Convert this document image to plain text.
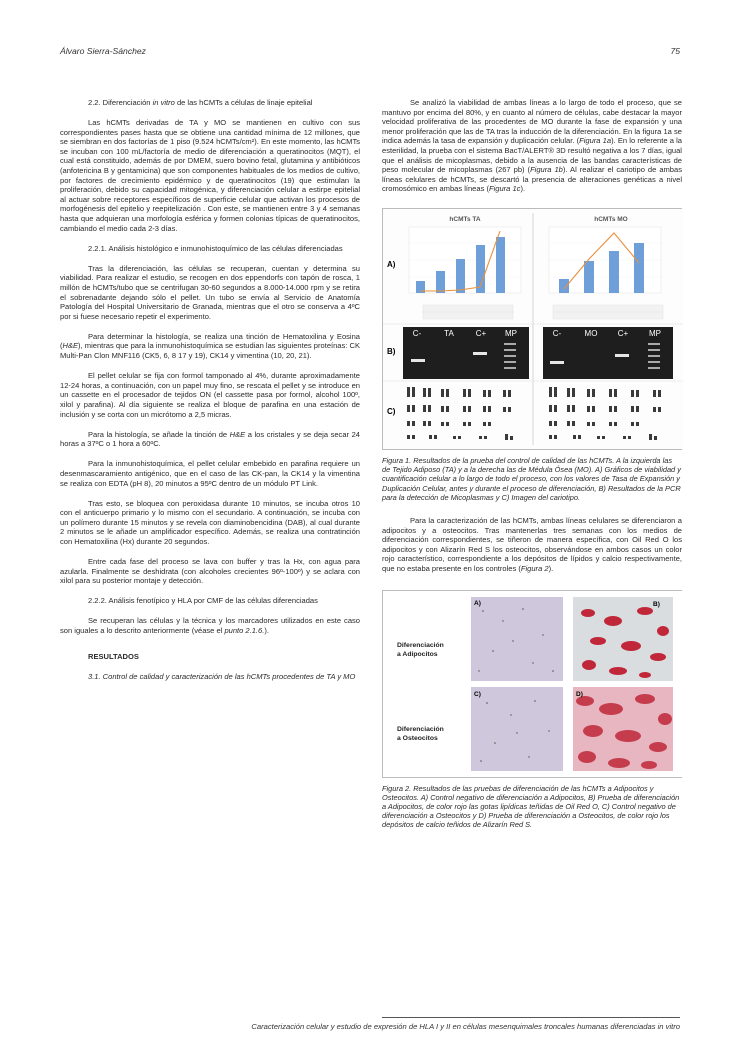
Álvaro Sierra-Sánchez	75

2.2. Diferenciación in vitro de las hCMTs a células de linaje epitelial

Las hCMTs derivadas de TA y MO se mantienen en cultivo con sus correspondientes pases hasta que se obtiene una cantidad mínima de 12 millones, que se siembran en dos factorías de 1 piso (9.524 hCMTs/cm²). En este momento, las hCMTs se incuban con 100 mL/factoría de medio de diferenciación a queratinocitos (MQT), el cual está constituido, además de por DMEM, suero bovino fetal, glutamina y antibióticos (anfotericina B y gentamicina) que son componentes habituales de los medios de cultivo, por factores de crecimiento epidérmico y de queratinocitos (19) que estimulan la proliferación, debido su capacidad mitogénica, y diferenciación celular a estirpe epitelial al actuar sobre receptores específicos de superficie celular que activan los procesos de morfogénesis del epitelio y reepitelización . Con este, se mantienen entre 3 y 4 semanas hasta que adquieran una morfología esférica y formen colonias típicas de queratinocitos, cambiando el medio cada 2-3 días.

2.2.1. Análisis histológico e inmunohistoquímico de las células diferenciadas

Tras la diferenciación, las células se recuperan, cuentan y determina su viabilidad. Para realizar el estudio, se recogen en dos eppendorfs con tapón de rosca, 1 millón de hCMTs/tubo que se centrifugan 30-60 segundos a 8.000-14.000 rpm y se retira el sobrenadante dejando sólo el pellet. Un tubo se envía al Servicio de Anatomía Patología del Hospital Universitario de Granada, mientras que el otro se conserva a 4ºC por si fuese necesario repetir el experimento.

Para determinar la histología, se realiza una tinción de Hematoxilina y Eosina (H&E), mientras que para la inmunohistoquímica se estudian las siguientes proteínas: CK Multi-Pan Clon MNF116 (CK5, 6, 8 17 y 19), CK14 y vimentina (10, 20, 21).

El pellet celular se fija con formol tamponado al 4%, durante aproximadamente 12-24 horas, a continuación, con un papel muy fino, se rescata el pellet y se introduce en un cassette en el procesador de tejidos ON (el cassette pasa por formol, alcohol 100º, xilol y parafina). Al día siguiente se realiza el bloque de parafina en una estación de inclusión y se corta con un micrótomo a 2,5 micras.

Para la histología, se añade la tinción de H&E a los cristales y se deja secar 24 horas a 37ºC o 1 hora a 60ºC.

Para la inmunohistoquímica, el pellet celular embebido en parafina requiere un desenmascaramiento antigénico, que en el caso de las CK-pan, la CK14 y la vimentina se realiza con EDTA (pH 8), 20 minutos a 95ºC dentro de un módulo PT Link.

Tras esto, se bloquea con peroxidasa durante 10 minutos, se incuba otros 10 con el anticuerpo primario y lo mismo con el secundario. A continuación, se incuba con un polímero durante 15 minutos y se revela con diaminobencidina (DAB), al cual durante 2 minutos se le añade un amplificador específico. Además, se realiza una contratinción con Hematoxilina (Hx) durante 20 segundos.

Entre cada fase del proceso se lava con buffer y tras la Hx, con agua para azularla. Finalmente se deshidrata (con alcoholes crecientes 96º-100º) y se aclara con xilol para su posterior montaje y detección.

2.2.2. Análisis fenotípico y HLA por CMF de las células diferenciadas

Se recuperan las células y la técnica y los marcadores utilizados en este caso son iguales a lo descrito anteriormente (véase el punto 2.1.6.).

RESULTADOS

3.1. Control de calidad y caracterización de las hCMTs procedentes de TA y MO

Se analizó la viabilidad de ambas líneas a lo largo de todo el proceso, que se mantuvo por encima del 80%, y en cuanto al número de células, cabe destacar la mayor velocidad proliferativa de las procedentes de MO durante la fase de expansión y una menor proliferación que las de TA tras la inducción de la diferenciación. En la figura 1a se indica además la tasa de expansión y duplicación celular. (Figura 1a). En lo referente a la esterilidad, la prueba con el sistema BacT/ALERT® 3D resultó negativa a los 7 días, igual que el análisis de micoplasmas, debido a la ausencia de las bandas características de peso molecular de micoplasmas (267 pb) (Figura 1b). Al realizar el cariotipo de ambas líneas celulares de hCMTs, se descartó la presencia de alteraciones genéticas a nivel cromosómico en ambas líneas (Figura 1c).

A)
B)
C)
hCMTs TA	hCMTs MO
C-	TA	C+ MP	C-	MO	C+	MP

Figura 1. Resultados de la prueba del control de calidad de las hCMTs. A la izquierda las de Tejido Adiposo (TA) y a la derecha las de Médula Ósea (MO). A) Gráficos de viabilidad y cuantificación celular a lo largo de todo el proceso, con los valores de Tasa de Expansión y Duplicación Celular, antes y durante el proceso de diferenciación, B) Resultados de la PCR para la detección de Micoplasmas y C) Imagen del cariotipo.

Para la caracterización de las hCMTs, ambas líneas celulares se diferenciaron a adipocitos y a osteocitos. Tras mantenerlas tres semanas con los medios de diferenciación correspondientes, se tiñeron de manera específica, con Oil Red O los adipocitos y con Alizarín Red S los osteocitos, observándose en ambos casos un color rojo característico, correspondiente a los depósitos de lípidos y calcio respectivamente, que no estaba presente en los controles (Figura 2).

Diferenciación
a Adipocitos
Diferenciación
a Osteocitos
A)	B)
C)	D)

Figura 2. Resultados de las pruebas de diferenciación de las hCMTs a Adipocitos y Osteocitos. A) Control negativo de diferenciación a Adipocitos, B) Prueba de diferenciación a Adipocitos, de color rojo las gotas lipídicas teñidas de Oil Red O, C) Control negativo de diferenciación a Osteocitos y D) Prueba de diferenciación a Osteocitos, de color rojo los depósitos de calcio teñidos de Alizarín Red S.

Caracterización celular y estudio de expresión de HLA I y II en células mesenquimales troncales humanas diferenciadas in vitro
